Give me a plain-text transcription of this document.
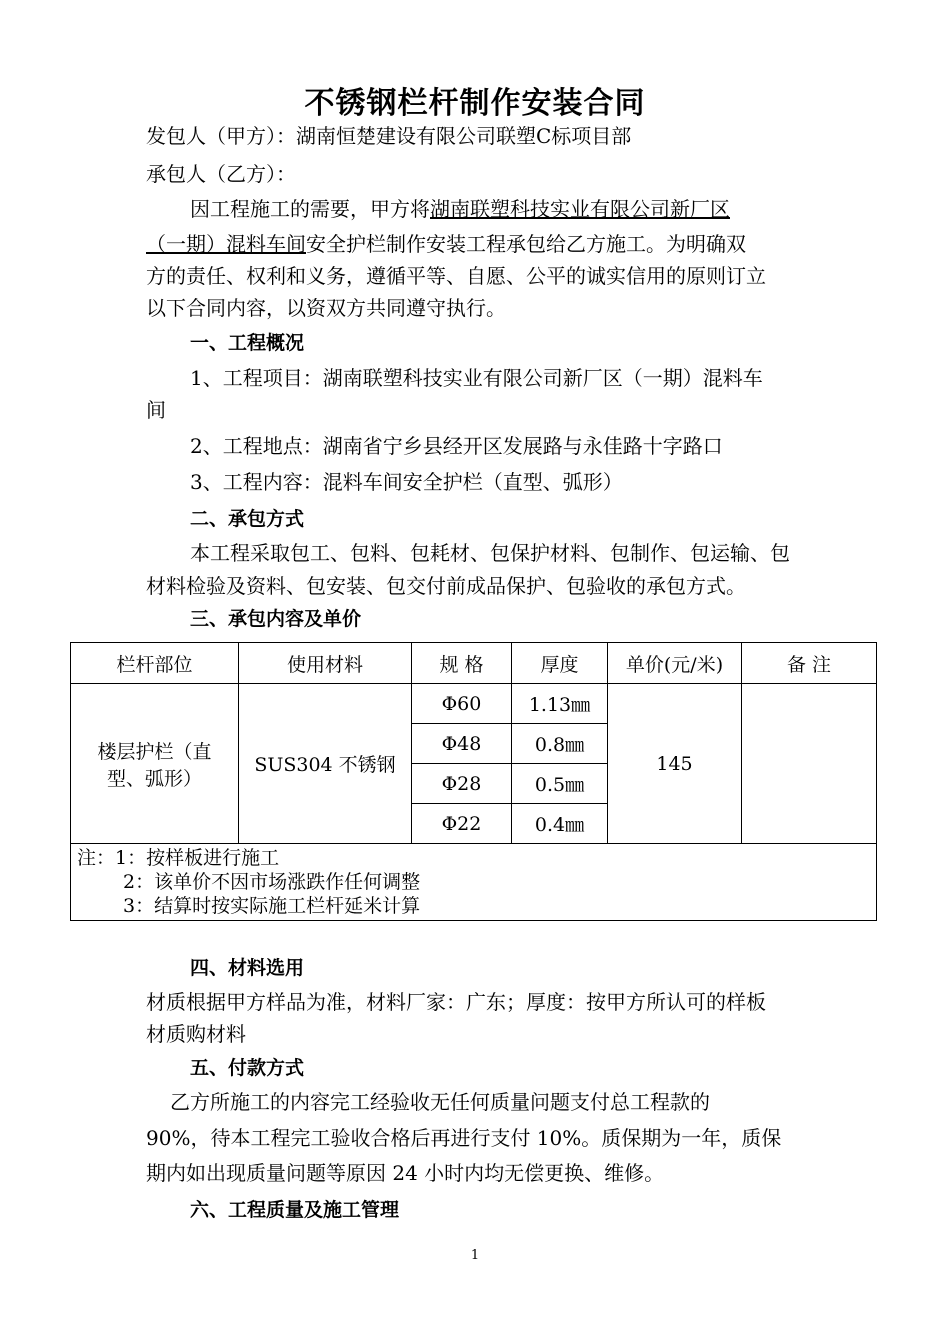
不锈钢栏杆制作安装合同
发包人（甲方）：湖南恒楚建设有限公司联塑C标项目部
承包人（乙方）：
因工程施工的需要，甲方将湖南联塑科技实业有限公司新厂区
（一期）混料车间安全护栏制作安装工程承包给乙方施工。为明确双
方的责任、权利和义务，遵循平等、自愿、公平的诚实信用的原则订立
以下合同内容，以资双方共同遵守执行。
一、工程概况
1、工程项目：湖南联塑科技实业有限公司新厂区（一期）混料车
间
2、工程地点：湖南省宁乡县经开区发展路与永佳路十字路口
3、工程内容：混料车间安全护栏（直型、弧形）
二、承包方式
本工程采取包工、包料、包耗材、包保护材料、包制作、包运输、包
材料检验及资料、包安装、包交付前成品保护、包验收的承包方式。
三、承包内容及单价
栏杆部位	使用材料	规 格	厚度	单价(元/米)	备 注
楼层护栏（直型、弧形）	SUS304 不锈钢	Φ60	1.13㎜	145	
		Φ48	0.8㎜		
		Φ28	0.5㎜		
		Φ22	0.4㎜		

注：1：按样板进行施工
2：该单价不因市场涨跌作任何调整
3：结算时按实际施工栏杆延米计算					
四、材料选用
材质根据甲方样品为准，材料厂家：广东；厚度：按甲方所认可的样板
材质购材料
五、付款方式
乙方所施工的内容完工经验收无任何质量问题支付总工程款的
90%，待本工程完工验收合格后再进行支付 10%。质保期为一年，质保
期内如出现质量问题等原因 24 小时内均无偿更换、维修。
六、工程质量及施工管理
1
